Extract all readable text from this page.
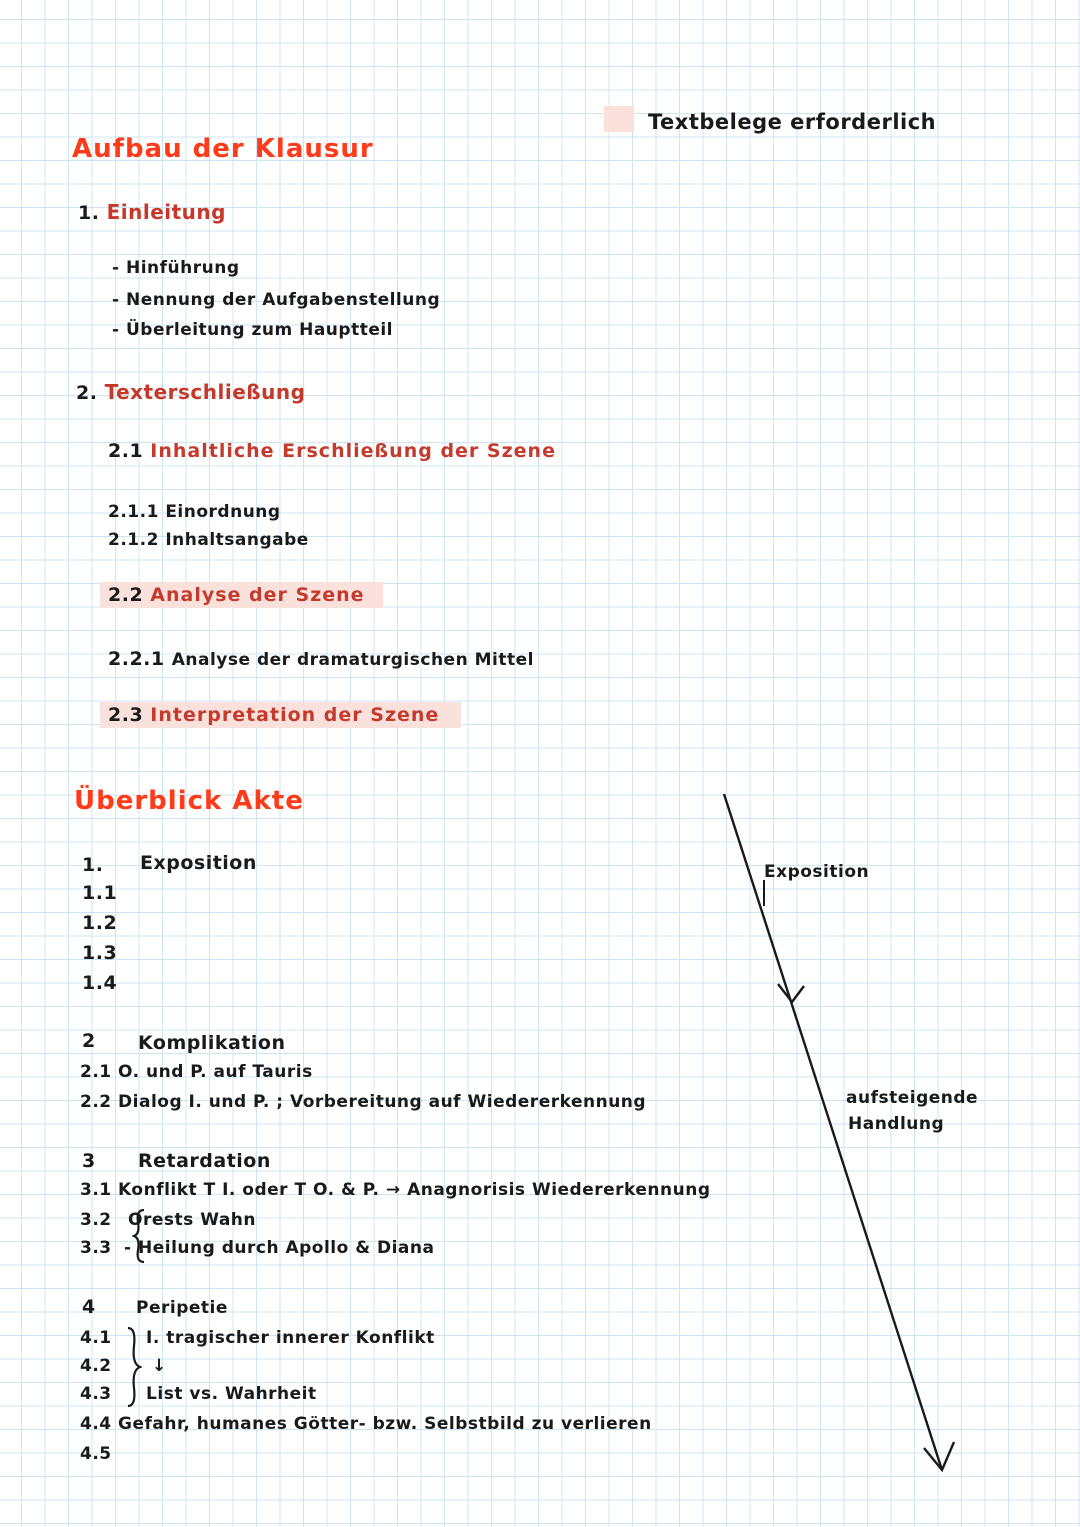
Textbelege erforderlich
Aufbau der Klausur
1. Einleitung
- Hinführung
- Nennung der Aufgabenstellung
- Überleitung zum Hauptteil
2. Texterschließung
2.1 Inhaltliche Erschließung der Szene
2.1.1 Einordnung
2.1.2 Inhaltsangabe
2.2 Analyse der Szene
2.2.1 Analyse der dramaturgischen Mittel
2.3 Interpretation der Szene
Überblick Akte
1. Exposition
1.1
1.2
1.3
1.4
2 Komplikation
2.1 O. und P. auf Tauris
2.2 Dialog I. und P. ; Vorbereitung auf Wiedererkennung
3 Retardation
3.1 Konflikt T I. oder T O. & P. → Anagnorisis Wiedererkennung
3.2 Orests Wahn
3.3 - Heilung durch Apollo & Diana
4 Peripetie
4.1 I. tragischer innerer Konflikt
4.2 ↓
4.3 List vs. Wahrheit
4.4 Gefahr, humanes Götter- bzw. Selbstbild zu verlieren
4.5
Exposition
aufsteigende
Handlung
